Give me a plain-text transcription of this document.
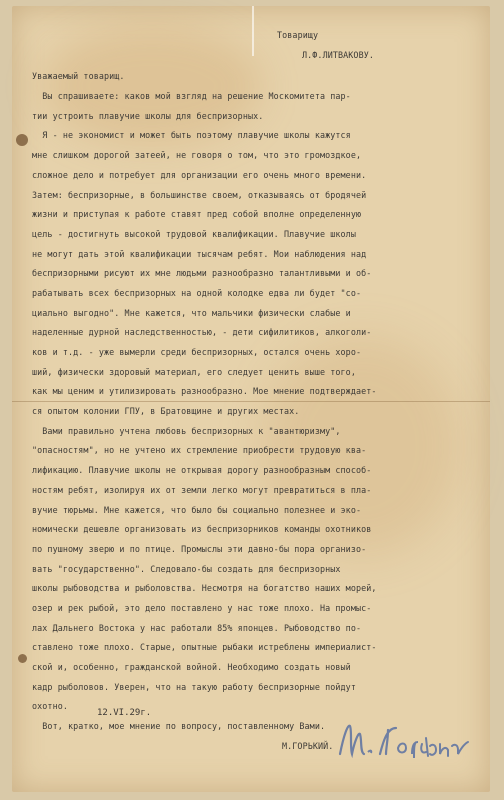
Товарищу
Л.Ф.ЛИТВАКОВУ.
Уважаемый товарищ.
Вы спрашиваете: каков мой взгляд на решение Москомитета пар-
тии устроить плавучие школы для беспризорных.
Я - не экономист и может быть поэтому плавучие школы кажутся
мне слишком дорогой затеей, не говоря о том, что это громоздкое,
сложное дело и потребует для организации его очень много времени.
Затем: беспризорные, в большинстве своем, отказываясь от бродячей
жизни и приступая к работе ставят пред собой вполне определенную
цель - достигнуть высокой трудовой квалификации. Плавучие школы
не могут дать этой квалификации тысячам ребят. Мои наблюдения над
беспризорными рисуют их мне людьми разнообразно талантливыми и об-
рабатывать всех беспризорных на одной колодке едва ли будет "со-
циально выгодно". Мне кажется, что мальчики физически слабые и
наделенные дурной наследственностью, - дети сифилитиков, алкоголи-
ков и т.д. - уже вымерли среди беспризорных, остался очень хоро-
ший, физически здоровый материал, его следует ценить выше того,
как мы ценим и утилизировать разнообразно. Мое мнение подтверждает-
ся опытом колонии ГПУ, в Братовщине и других местах.
Вами правильно учтена любовь беспризорных к "авантюризму",
"опасностям", но не учтено их стремление приобрести трудовую ква-
лификацию. Плавучие школы не открывая дорогу разнообразным способ-
ностям ребят, изолируя их от земли легко могут превратиться в пла-
вучие тюрьмы. Мне кажется, что было бы социально полезнее и эко-
номически дешевле организовать из беспризорников команды охотников
по пушному зверю и по птице. Промыслы эти давно-бы пора организо-
вать "государственно". Следовало-бы создать для беспризорных
школы рыбоводства и рыболовства. Несмотря на богатство наших морей,
озер и рек рыбой, это дело поставлено у нас тоже плохо. На промыс-
лах Дальнего Востока у нас работали 85% японцев. Рыбоводство по-
ставлено тоже плохо. Старые, опытные рыбаки истреблены империалист-
ской и, особенно, гражданской войной. Необходимо создать новый
кадр рыболовов. Уверен, что на такую работу беспризорные пойдут
охотно.
Вот, кратко, мое мнение по вопросу, поставленному Вами.
М.ГОРЬКИЙ.
12.VI.29г.
